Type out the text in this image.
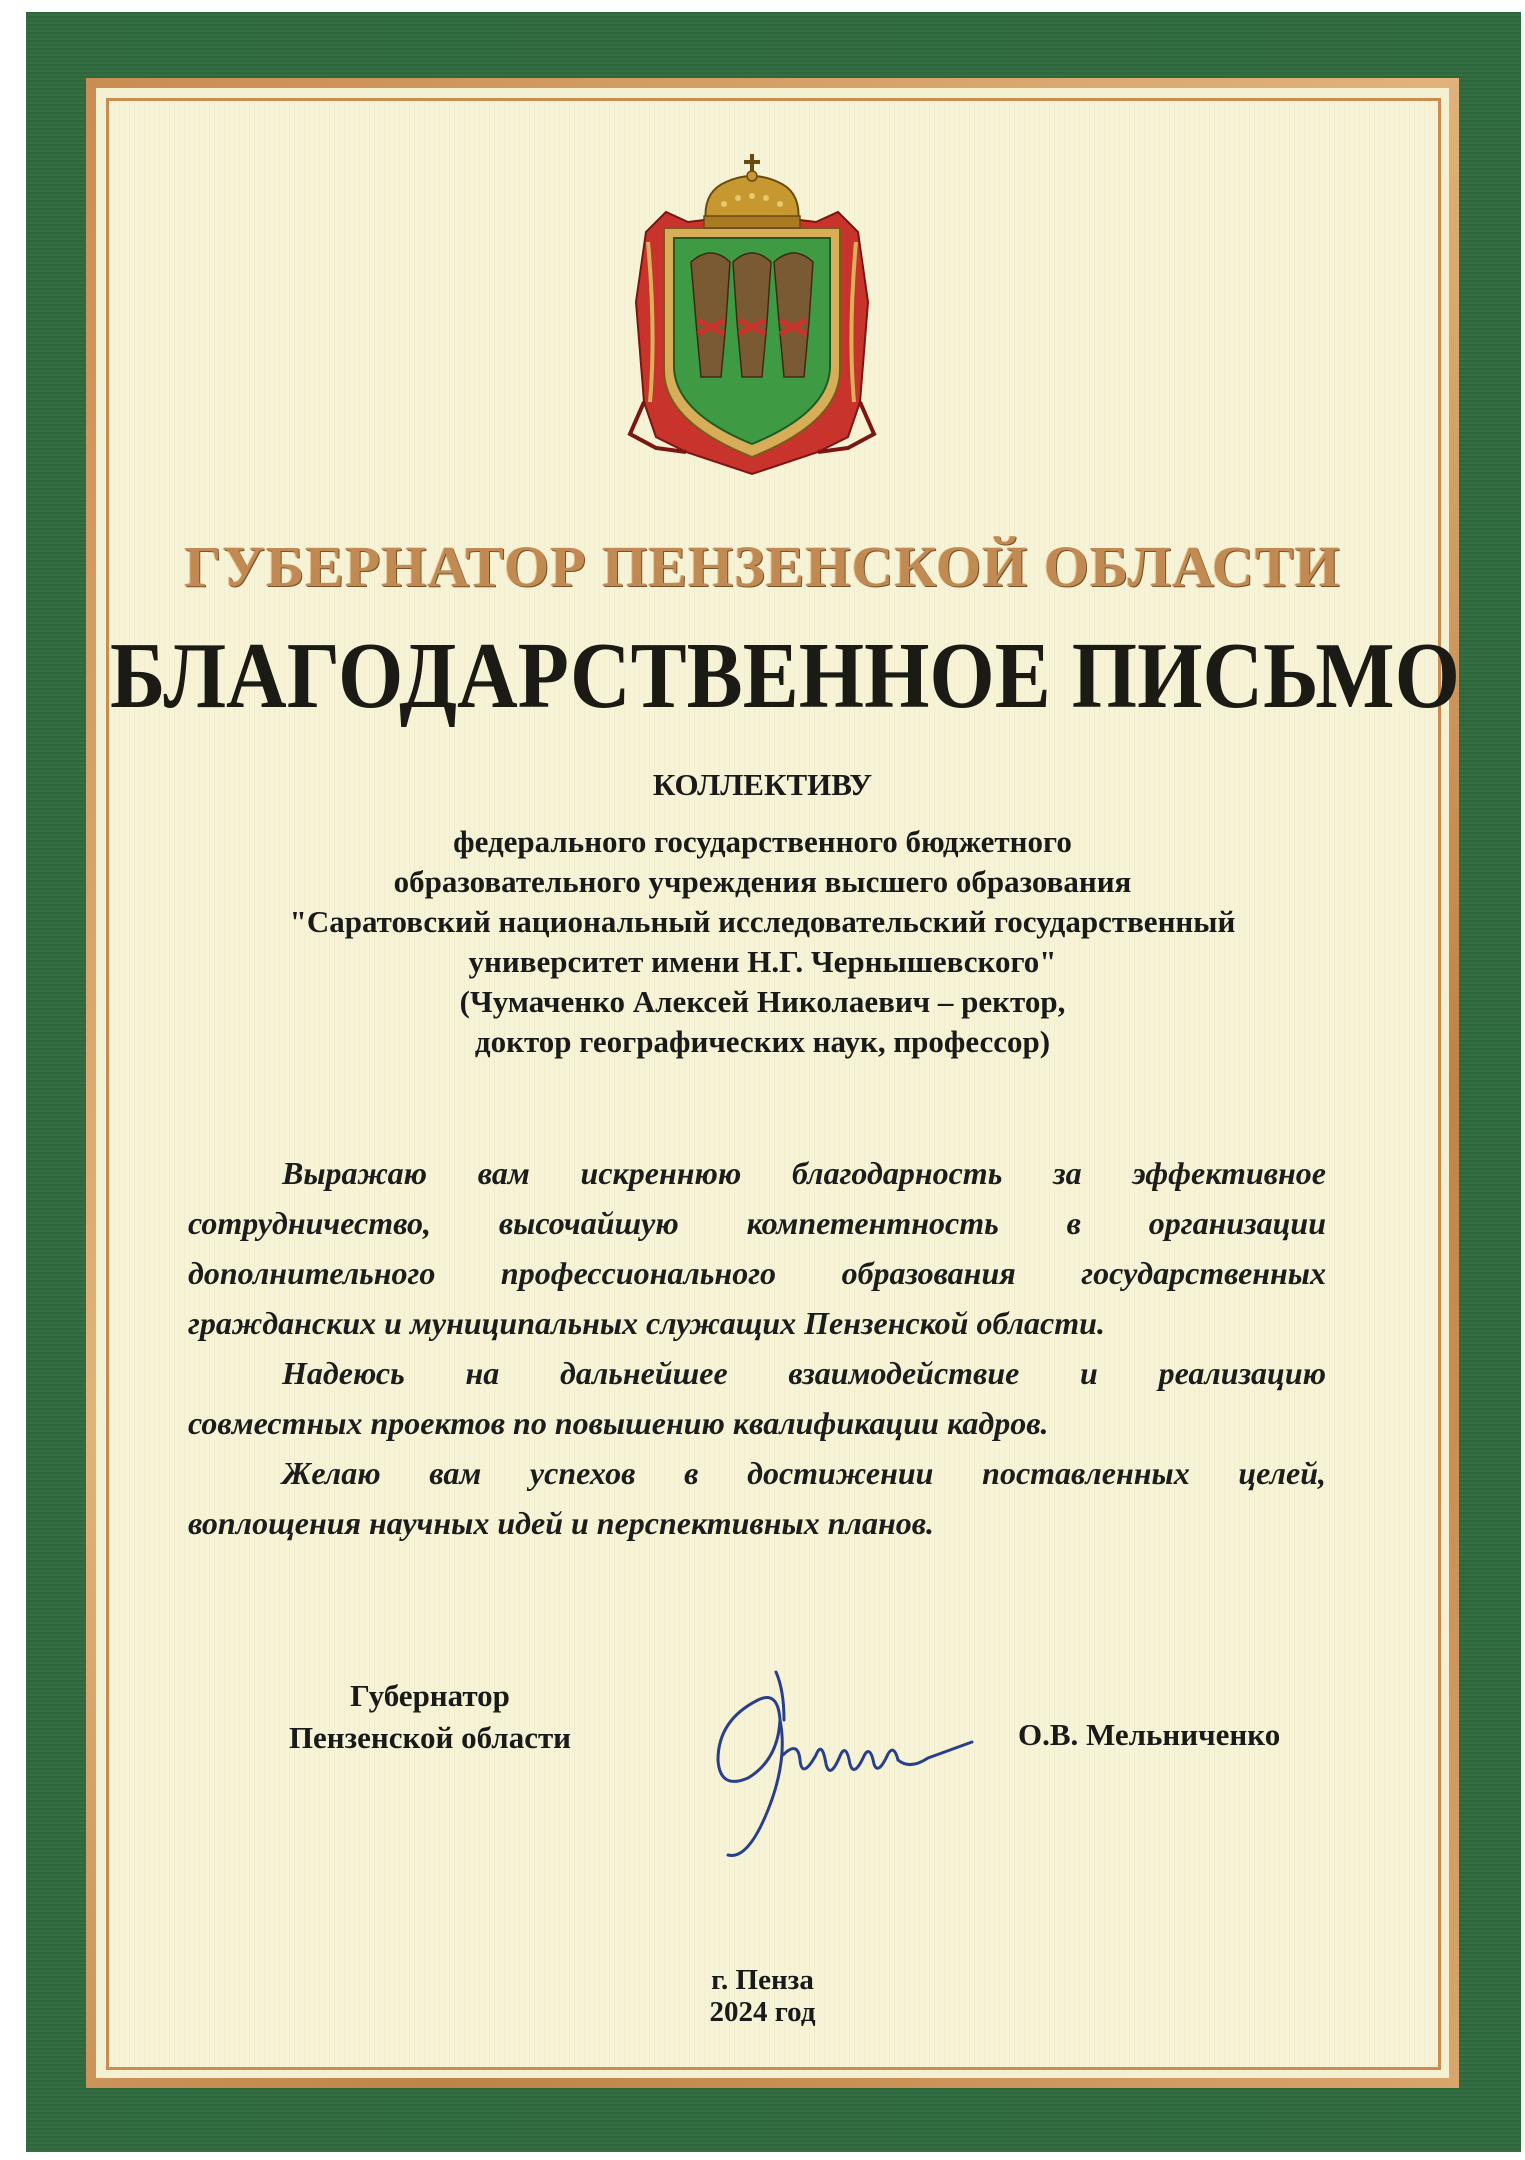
ГУБЕРНАТОР ПЕНЗЕНСКОЙ ОБЛАСТИ
БЛАГОДАРСТВЕННОЕ ПИСЬМО
КОЛЛЕКТИВУ
федерального государственного бюджетного
образовательного учреждения высшего образования
"Саратовский национальный исследовательский государственный
университет имени Н.Г. Чернышевского"
(Чумаченко Алексей Николаевич – ректор,
доктор географических наук, профессор)

Выражаю вам искреннюю благодарность за эффективное сотрудничество, высочайшую компетентность в организации дополнительного профессионального образования государственных

гражданских и муниципальных служащих Пензенской области.

Надеюсь на дальнейшее взаимодействие и реализацию

совместных проектов по повышению квалификации кадров.

Желаю вам успехов в достижении поставленных целей,

воплощения научных идей и перспективных планов.

Губернатор
Пензенской области	О.В. Мельниченко
г. Пенза
2024 год
